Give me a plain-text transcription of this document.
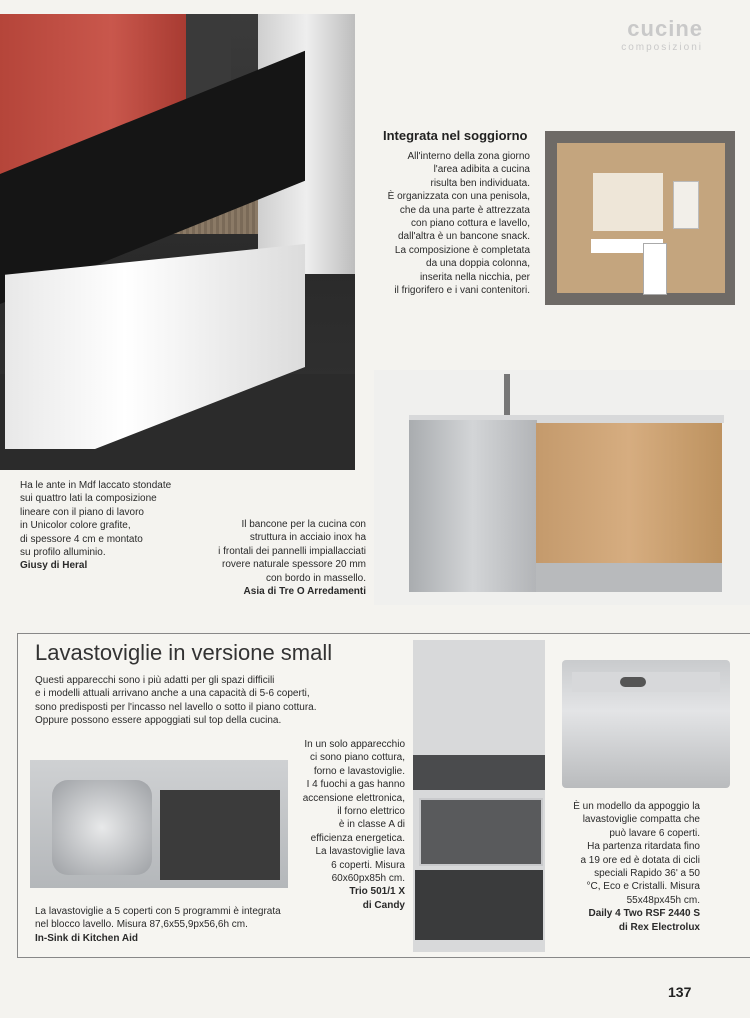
cucine
composizioni
Integrata nel soggiorno
All'interno della zona giorno
l'area adibita a cucina
risulta ben individuata.
È organizzata con una penisola,
che da una parte è attrezzata
con piano cottura e lavello,
dall'altra è un bancone snack.
La composizione è completata
da una doppia colonna,
inserita nella nicchia, per
il frigorifero e i vani contenitori.
Ha le ante in Mdf laccato stondate
sui quattro lati la composizione
lineare con il piano di lavoro
in Unicolor colore grafite,
di spessore 4 cm e montato
su profilo alluminio.
Giusy di Heral
Il bancone per la cucina con
struttura in acciaio inox ha
i frontali dei pannelli impiallacciati
rovere naturale spessore 20 mm
con bordo in massello.
Asia di Tre O Arredamenti
Lavastoviglie in versione small
Questi apparecchi sono i più adatti per gli spazi difficili
e i modelli attuali arrivano anche a una capacità di 5-6 coperti,
sono predisposti per l'incasso nel lavello o sotto il piano cottura.
Oppure possono essere appoggiati sul top della cucina.
La lavastoviglie a 5 coperti con 5 programmi è integrata
nel blocco lavello. Misura 87,6x55,9px56,6h cm.
In-Sink di Kitchen Aid
In un solo apparecchio
ci sono piano cottura,
forno e lavastoviglie.
I 4 fuochi a gas hanno
accensione elettronica,
il forno elettrico
è in classe A di
efficienza energetica.
La lavastoviglie lava
6 coperti. Misura
60x60px85h cm.
Trio 501/1 X
di Candy
È un modello da appoggio la
lavastoviglie compatta che
può lavare 6 coperti.
Ha partenza ritardata fino
a 19 ore ed è dotata di cicli
speciali Rapido 36' a 50
°C, Eco e Cristalli. Misura
55x48px45h cm.
Daily 4 Two RSF 2440 S
di Rex Electrolux
137
